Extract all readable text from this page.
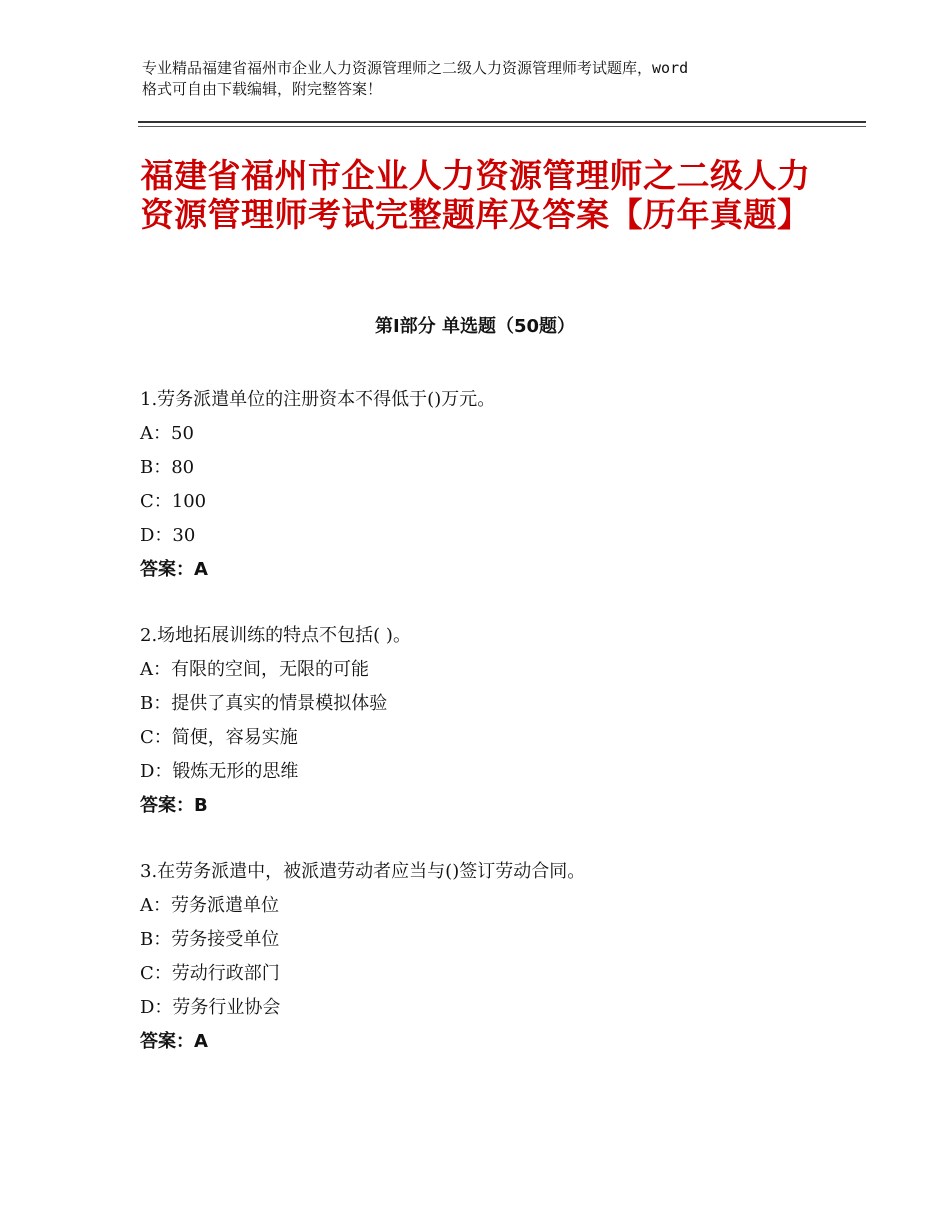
专业精品福建省福州市企业人力资源管理师之二级人力资源管理师考试题库，word
格式可自由下载编辑，附完整答案！
福建省福州市企业人力资源管理师之二级人力资源管理师考试完整题库及答案【历年真题】
第Ⅰ部分 单选题（50题）
1.劳务派遣单位的注册资本不得低于()万元。
A：50
B：80
C：100
D：30
答案：A
2.场地拓展训练的特点不包括( )。
A：有限的空间，无限的可能
B：提供了真实的情景模拟体验
C：简便，容易实施
D：锻炼无形的思维
答案：B
3.在劳务派遣中，被派遣劳动者应当与()签订劳动合同。
A：劳务派遣单位
B：劳务接受单位
C：劳动行政部门
D：劳务行业协会
答案：A
